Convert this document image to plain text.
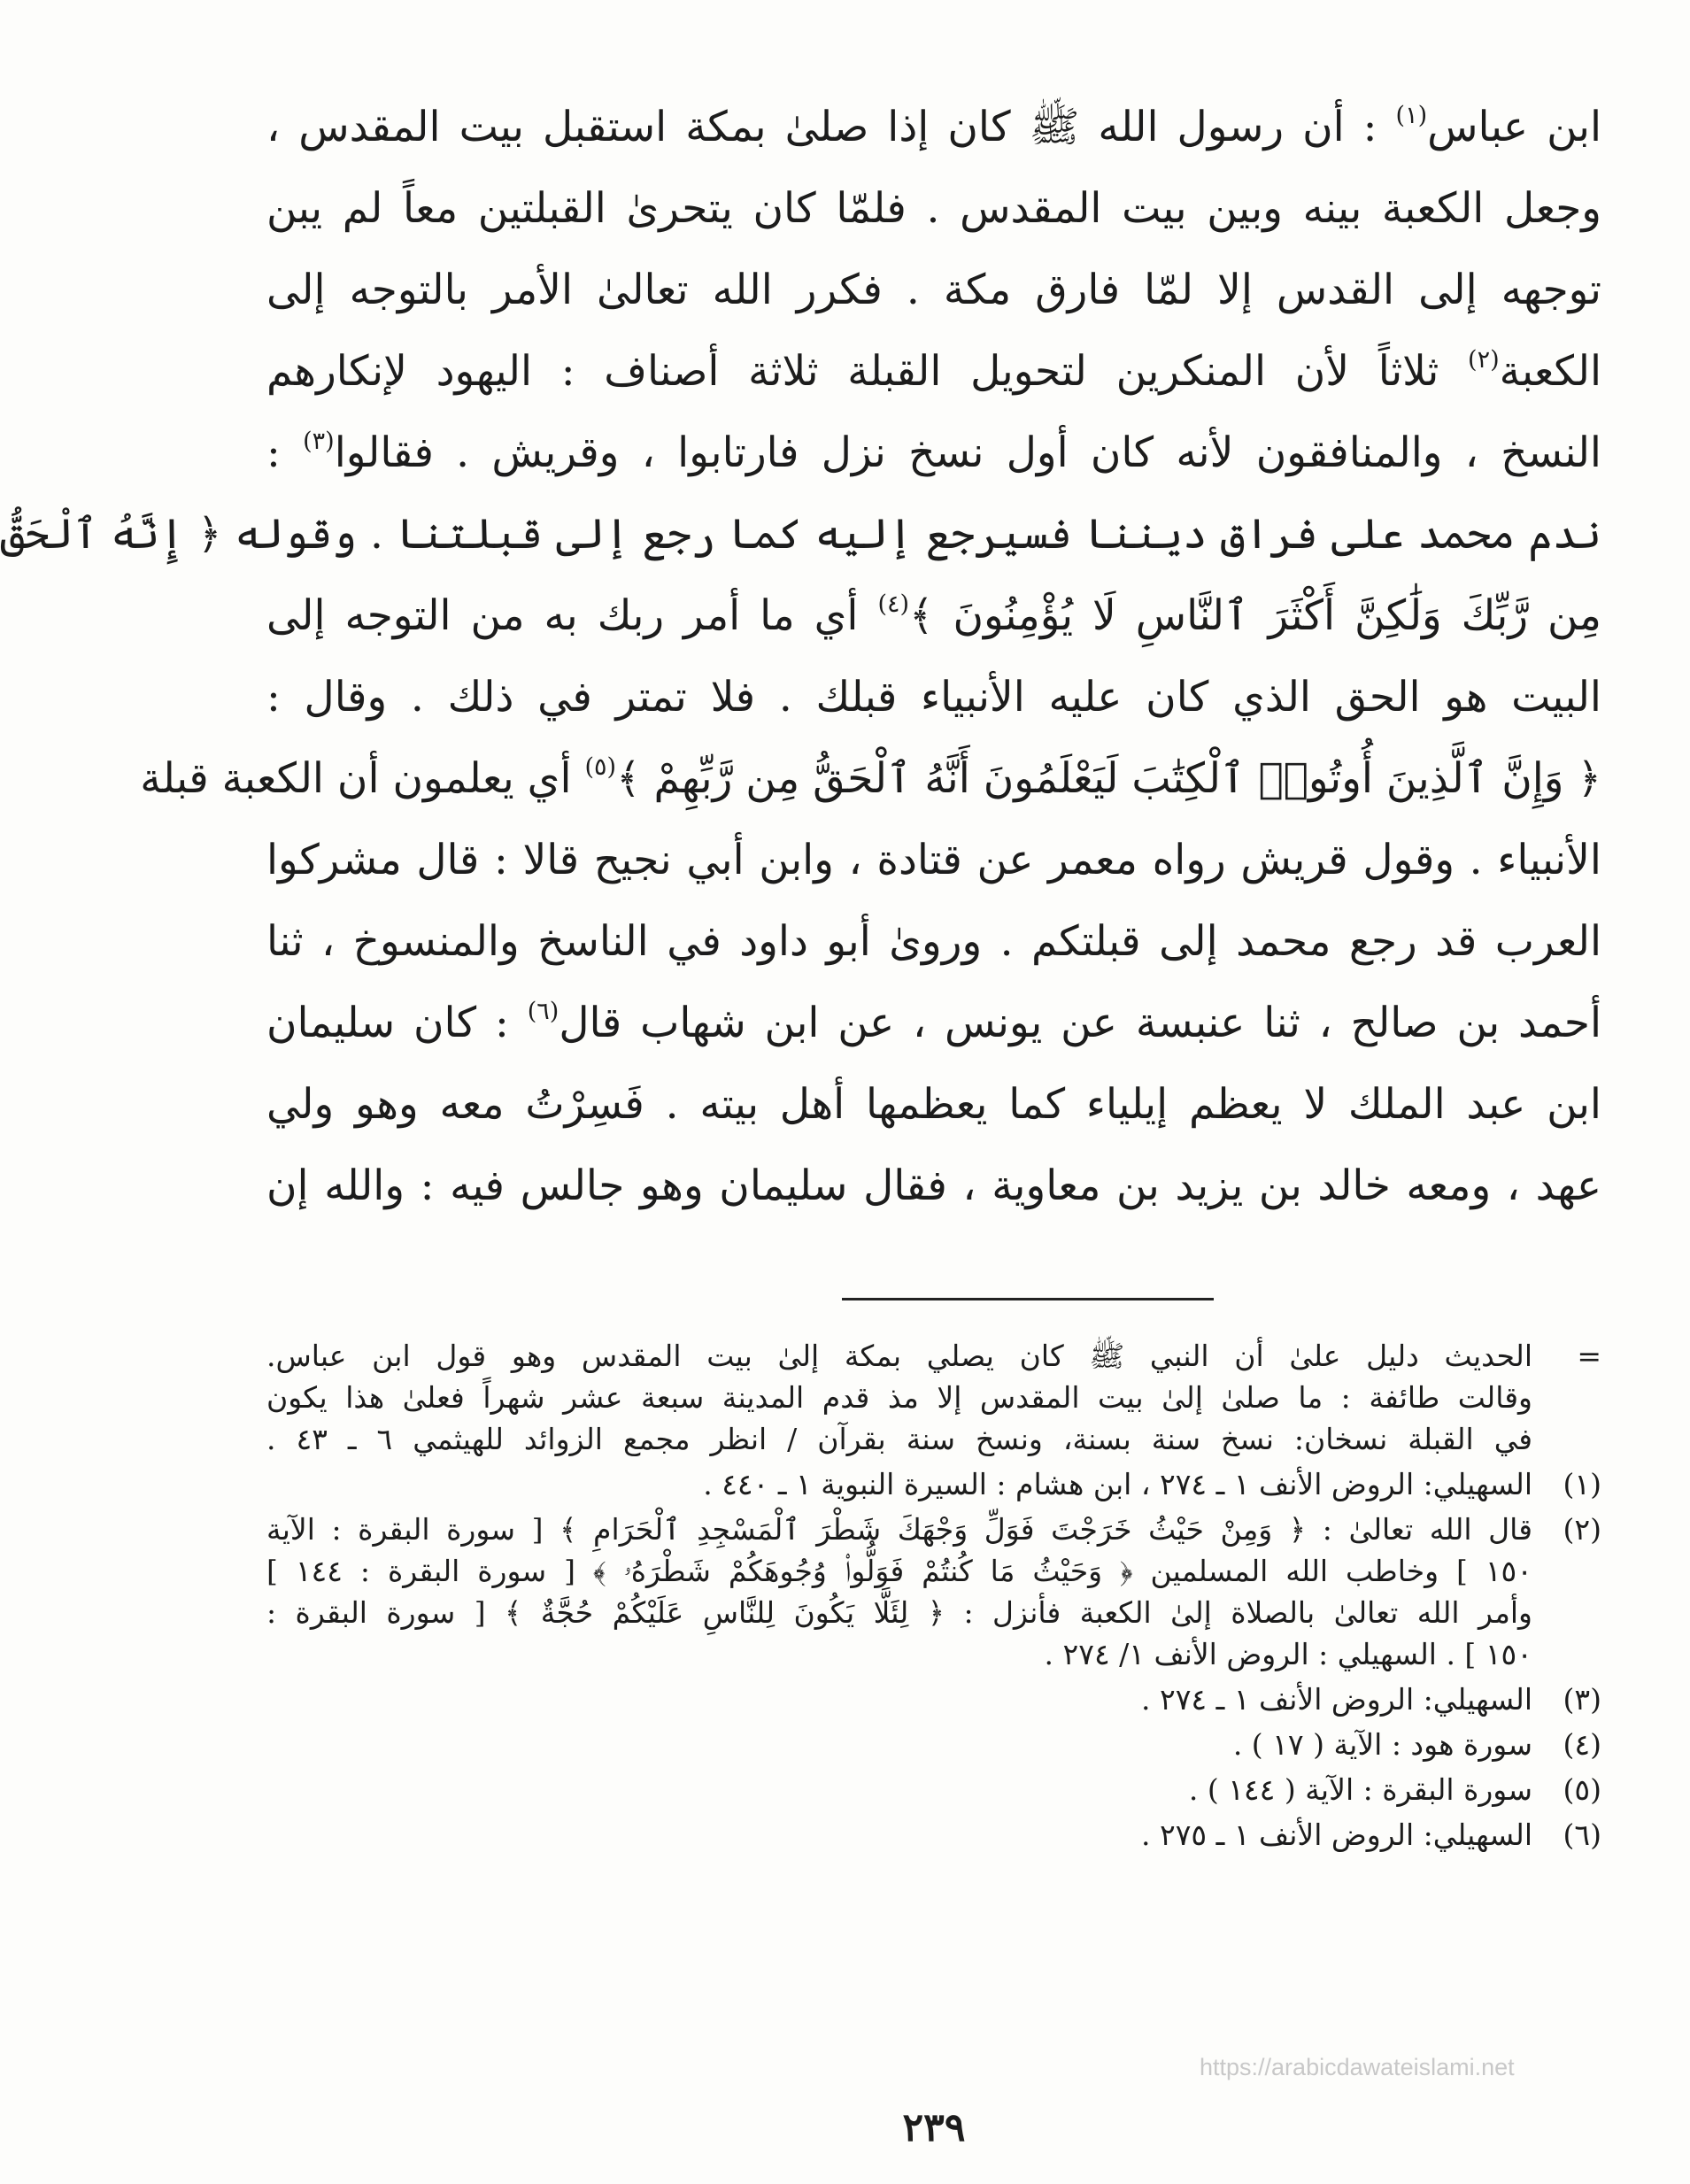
ابن عباس$^{(١)}$ : أن رسول الله ﷺ كان إذا صلىٰ بمكة استقبل بيت المقدس ،
وجعل الكعبة بينه وبين بيت المقدس . فلمّا كان يتحرىٰ القبلتين معاً لم يبن
توجهه إلى القدس إلا لمّا فارق مكة . فكرر الله تعالىٰ الأمر بالتوجه إلى
الكعبة$^{(٢)}$ ثلاثاً لأن المنكرين لتحويل القبلة ثلاثة أصناف : اليهود لإنكارهم
النسخ ، والمنافقون لأنه كان أول نسخ نزل فارتابوا ، وقريش . فقالوا$^{(٣)}$ :
ندم محمد على فراق ديننا فسيرجع إليه كما رجع إلى قبلتنا . وقوله ﴿ إِنَّهُ ٱلْحَقُّ
مِن رَّبِّكَ وَلَٰكِنَّ أَكْثَرَ ٱلنَّاسِ لَا يُؤْمِنُونَ ﴾$^{(٤)}$ أي ما أمر ربك به من التوجه إلى
البيت هو الحق الذي كان عليه الأنبياء قبلك . فلا تمتر في ذلك . وقال :
﴿ وَإِنَّ ٱلَّذِينَ أُوتُوا۟ ٱلْكِتَٰبَ لَيَعْلَمُونَ أَنَّهُ ٱلْحَقُّ مِن رَّبِّهِمْ ﴾$^{(٥)}$ أي يعلمون أن الكعبة قبلة
الأنبياء . وقول قريش رواه معمر عن قتادة ، وابن أبي نجيح قالا : قال مشركوا
العرب قد رجع محمد إلى قبلتكم . ورویٰ أبو داود في الناسخ والمنسوخ ، ثنا
أحمد بن صالح ، ثنا عنبسة عن يونس ، عن ابن شهاب قال$^{(٦)}$ : كان سليمان
ابن عبد الملك لا يعظم إيلياء كما يعظمها أهل بيته . فَسِرْتُ معه وهو ولي
عهد ، ومعه خالد بن يزيد بن معاوية ، فقال سليمان وهو جالس فيه : والله إن
=
الحديث دليل علىٰ أن النبي ﷺ كان يصلي بمكة إلىٰ بيت المقدس وهو قول ابن عباس.
وقالت طائفة : ما صلىٰ إلىٰ بيت المقدس إلا مذ قدم المدينة سبعة عشر شهراً فعلىٰ هذا يكون
في القبلة نسخان: نسخ سنة بسنة، ونسخ سنة بقرآن / انظر مجمع الزوائد للهيثمي ٦ ـ ٤٣ .
(١)
السهيلي: الروض الأنف ١ ـ ٢٧٤ ، ابن هشام : السيرة النبوية ١ ـ ٤٤٠ .
(٢)
قال الله تعالىٰ : ﴿ وَمِنْ حَيْثُ خَرَجْتَ فَوَلِّ وَجْهَكَ شَطْرَ ٱلْمَسْجِدِ ٱلْحَرَامِ ﴾ [ سورة البقرة : الآية
١٥٠ ] وخاطب الله المسلمين ﴿ وَحَيْثُ مَا كُنتُمْ فَوَلُّوا۟ وُجُوهَكُمْ شَطْرَهُۥ ﴾ [ سورة البقرة : ١٤٤ ]
وأمر الله تعالىٰ بالصلاة إلىٰ الكعبة فأنزل : ﴿ لِئَلَّا يَكُونَ لِلنَّاسِ عَلَيْكُمْ حُجَّةٌ ﴾ [ سورة البقرة :
١٥٠ ] . السهيلي : الروض الأنف ١/ ٢٧٤ .
(٣)
السهيلي: الروض الأنف ١ ـ ٢٧٤ .
(٤)
سورة هود : الآية ( ١٧ ) .
(٥)
سورة البقرة : الآية ( ١٤٤ ) .
(٦)
السهيلي: الروض الأنف ١ ـ ٢٧٥ .
https://arabicdawateislami.net
٢٣٩
